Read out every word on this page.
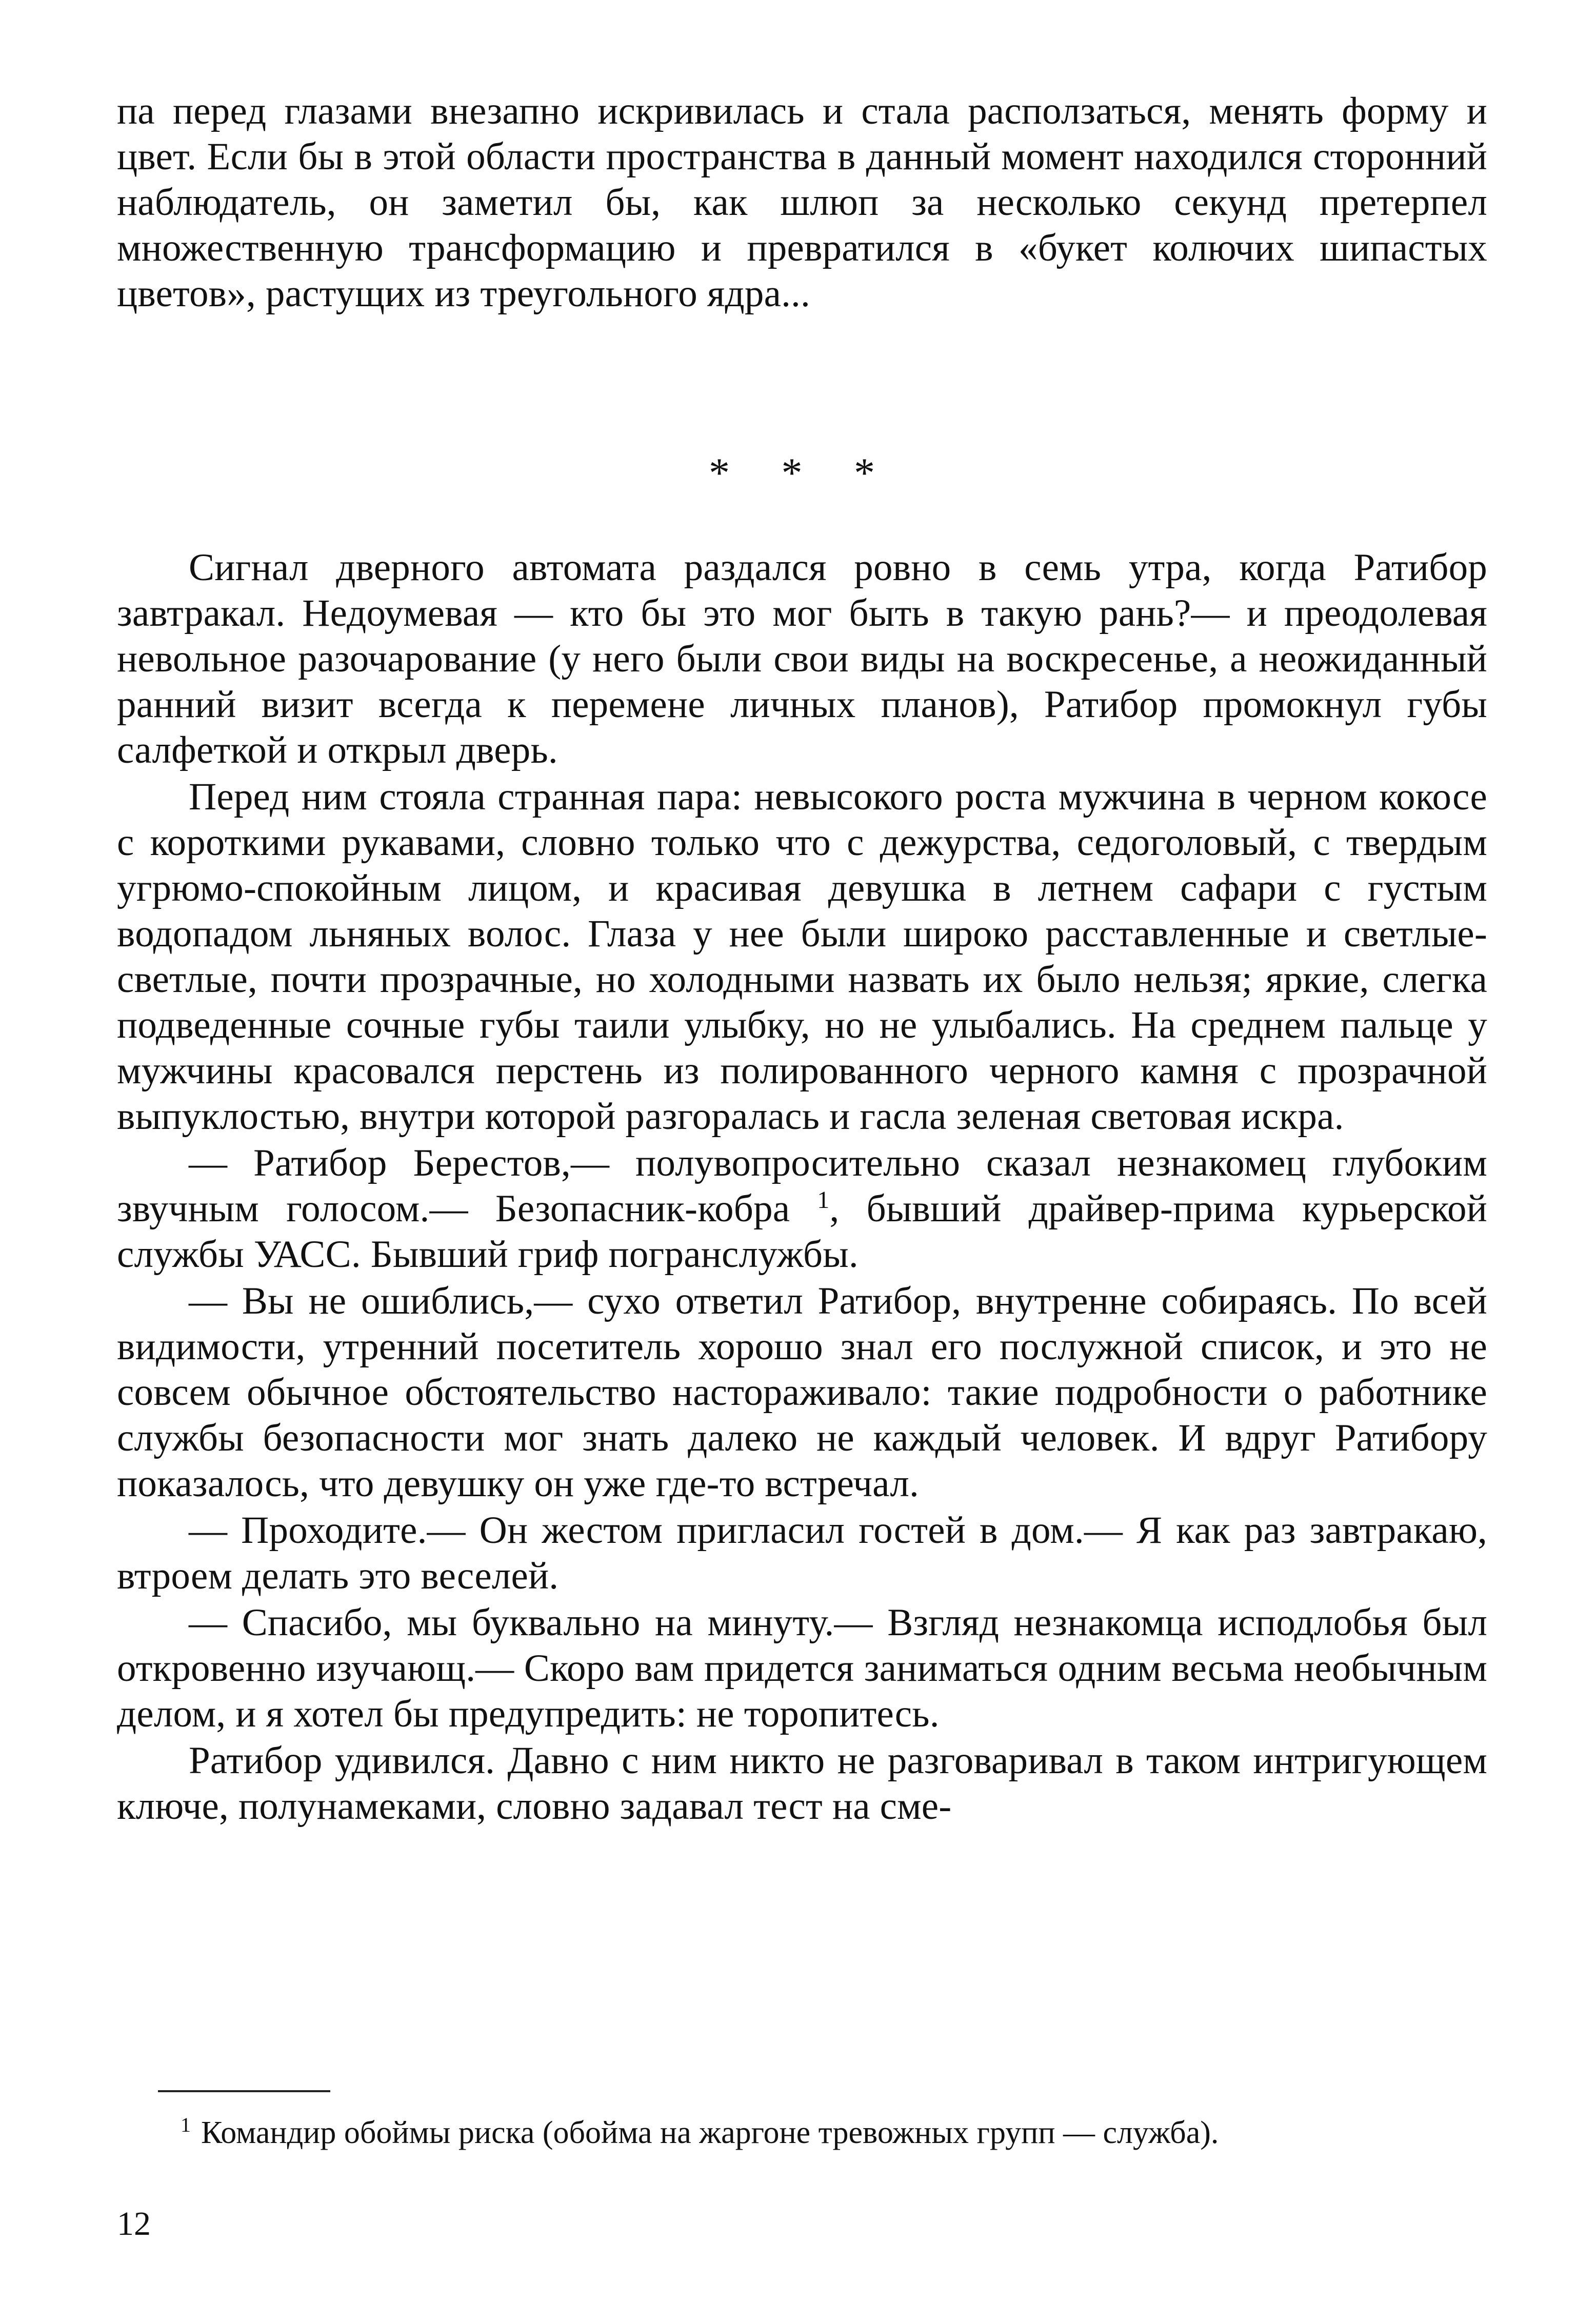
па перед глазами внезапно искривилась и стала расползаться, менять форму и цвет. Если бы в этой области пространства в данный момент находился сторонний наблюдатель, он заметил бы, как шлюп за несколько секунд претерпел множественную трансформацию и превратился в «букет колючих шипастых цветов», растущих из треугольного ядра...

* * *

Сигнал дверного автомата раздался ровно в семь утра, когда Ратибор завтракал. Недоумевая — кто бы это мог быть в такую рань?— и преодолевая невольное разочарование (у него были свои виды на воскресенье, а неожиданный ранний визит всегда к перемене личных планов), Ратибор промокнул губы салфеткой и открыл дверь.

Перед ним стояла странная пара: невысокого роста мужчина в черном кокосе с короткими рукавами, словно только что с дежурства, седоголовый, с твердым угрюмо-спокойным лицом, и красивая девушка в летнем сафари с густым водопадом льняных волос. Глаза у нее были широко расставленные и светлые-светлые, почти прозрачные, но холодными назвать их было нельзя; яркие, слегка подведенные сочные губы таили улыбку, но не улыбались. На среднем пальце у мужчины красовался перстень из полированного черного камня с прозрачной выпуклостью, внутри которой разгоралась и гасла зеленая световая искра.

— Ратибор Берестов,— полувопросительно сказал незнакомец глубоким звучным голосом.— Безопасник-кобра $^1$, бывший драйвер-прима курьерской службы УАСС. Бывший гриф погранслужбы.

— Вы не ошиблись,— сухо ответил Ратибор, внутренне собираясь. По всей видимости, утренний посетитель хорошо знал его послужной список, и это не совсем обычное обстоятельство настораживало: такие подробности о работнике службы безопасности мог знать далеко не каждый человек. И вдруг Ратибору показалось, что девушку он уже где-то встречал.

— Проходите.— Он жестом пригласил гостей в дом.— Я как раз завтракаю, втроем делать это веселей.

— Спасибо, мы буквально на минуту.— Взгляд незнакомца исподлобья был откровенно изучающ.— Скоро вам придется заниматься одним весьма необычным делом, и я хотел бы предупредить: не торопитесь.

Ратибор удивился. Давно с ним никто не разговаривал в таком интригующем ключе, полунамеками, словно задавал тест на сме-

$^1$ Командир обоймы риска (обойма на жаргоне тревожных групп — служба).
12
